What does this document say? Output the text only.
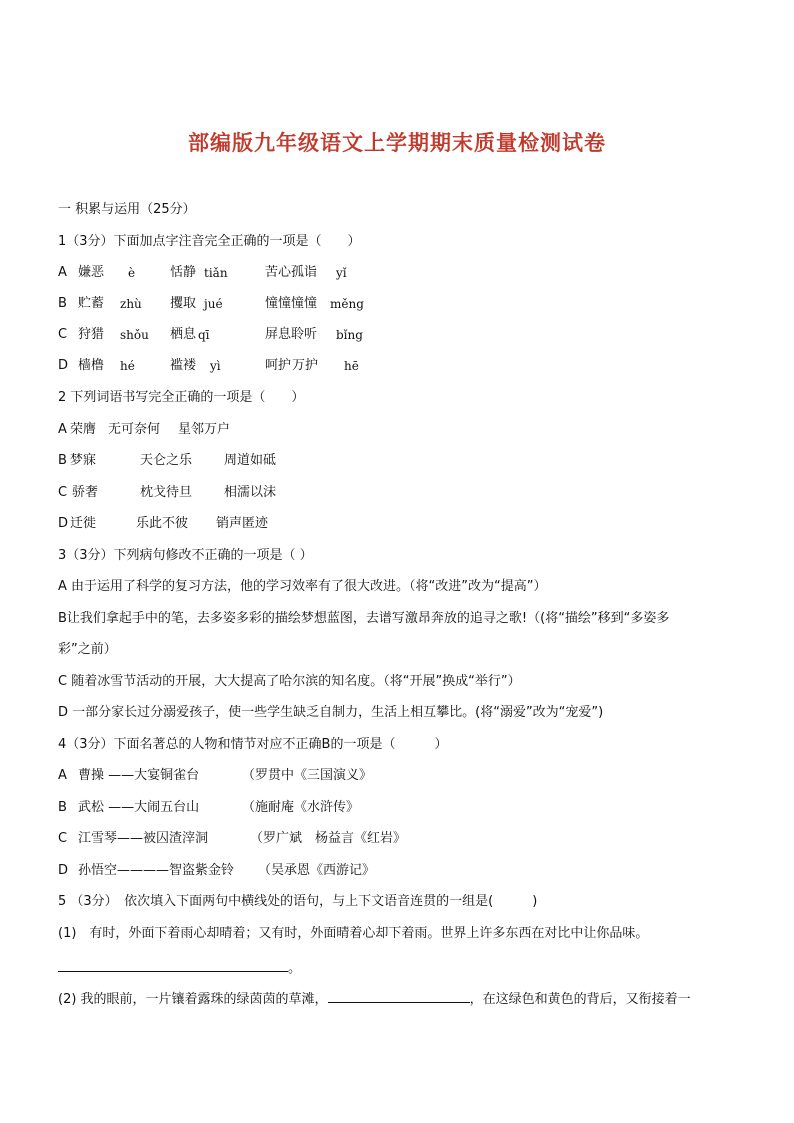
部编版九年级语文上学期期末质量检测试卷
一 积累与运用（25分）
1（3分）下面加点字注音完全正确的一项是（　　）
A 嫌恶 è	恬静 tiǎn	苦心孤诣 yǐ
B 贮蓄 zhù 攫取 jué	憧憧憧憧 měng
C 狩猎 shǒu 栖息 qī	屏息聆听 bǐng
D 樯橹 hé	褴褛 yì	呵护 万护 hē
2 下列词语书写完全正确的一项是（　　）
A 荣膺 无可奈何 星邻万户
B 梦寐	天仑之乐 周道如砥
C 骄奢	枕戈待旦 相濡以沫
D 迁徙	乐此不彼 销声匿迹
3（3分）下列病句修改不正确的一项是（ ）
A 由于运用了科学的复习方法，他的学习效率有了很大改进。（将“改进”改为“提高”）
B让我们拿起手中的笔，去多姿多彩的描绘梦想蓝图，去谱写激昂奔放的追寻之歌!（(将“描绘”移到“多姿多
彩”之前）
C 随着冰雪节活动的开展，大大提高了哈尔滨的知名度。（将“开展”换成“举行”）
D 一部分家长过分溺爱孩子，使一些学生缺乏自制力，生活上相互攀比。(将“溺爱”改为“宠爱”)
4（3分）下面名著总的人物和情节对应不正确B的一项是（　　　）
A 曹操 ——大宴铜雀台	（罗贯中《三国演义》
B 武松 ——大闹五台山	（施耐庵《水浒传》
C 江雪琴——被囚渣滓洞	（罗广斌　杨益言《红岩》
D 孙悟空————智盗紫金铃 （吴承恩《西游记》
5 （3分）　依次填入下面两句中横线处的语句，与上下文语音连贯的一组是(　　　)
(1)　有时，外面下着雨心却晴着；又有时，外面晴着心却下着雨。世界上许多东西在对比中让你品味。
。
(2) 我的眼前，一片镶着露珠的绿茵茵的草滩，	，在这绿色和黄色的背后，又衔接着一
